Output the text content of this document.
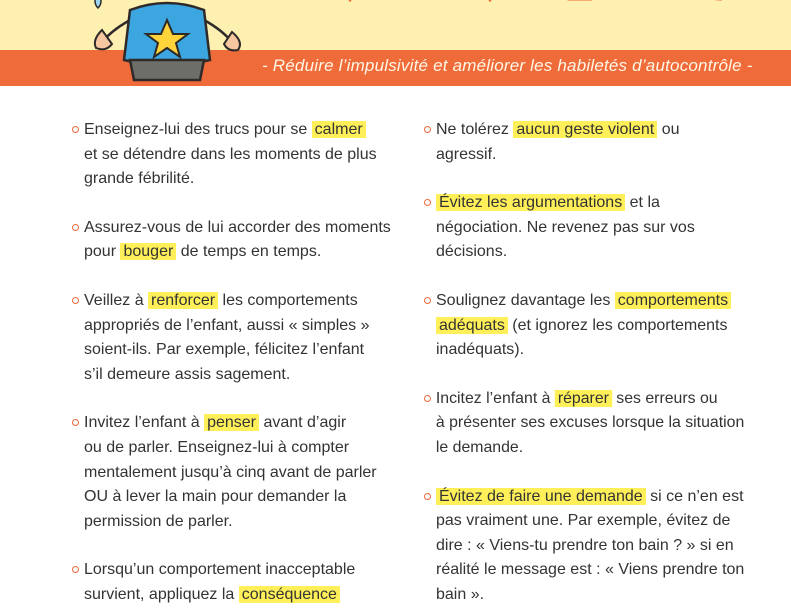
- Réduire l’impulsivité et améliorer les habiletés d’autocontrôle -
Enseignez-lui des trucs pour se calmer
et se détendre dans les moments de plus
grande fébrilité.
Assurez-vous de lui accorder des moments
pour bouger de temps en temps.
Veillez à renforcer les comportements
appropriés de l’enfant, aussi « simples »
soient-ils. Par exemple, félicitez l’enfant
s’il demeure assis sagement.
Invitez l’enfant à penser avant d’agir
ou de parler. Enseignez-lui à compter
mentalement jusqu’à cinq avant de parler
OU à lever la main pour demander la
permission de parler.
Lorsqu’un comportement inacceptable
survient, appliquez la conséquence
Ne tolérez aucun geste violent ou
agressif.
Évitez les argumentations et la
négociation. Ne revenez pas sur vos
décisions.
Soulignez davantage les comportements
adéquats (et ignorez les comportements
inadéquats).
Incitez l’enfant à réparer ses erreurs ou
à présenter ses excuses lorsque la situation
le demande.
Évitez de faire une demande si ce n’en est
pas vraiment une. Par exemple, évitez de
dire : « Viens-tu prendre ton bain ? » si en
réalité le message est : « Viens prendre ton
bain ».
